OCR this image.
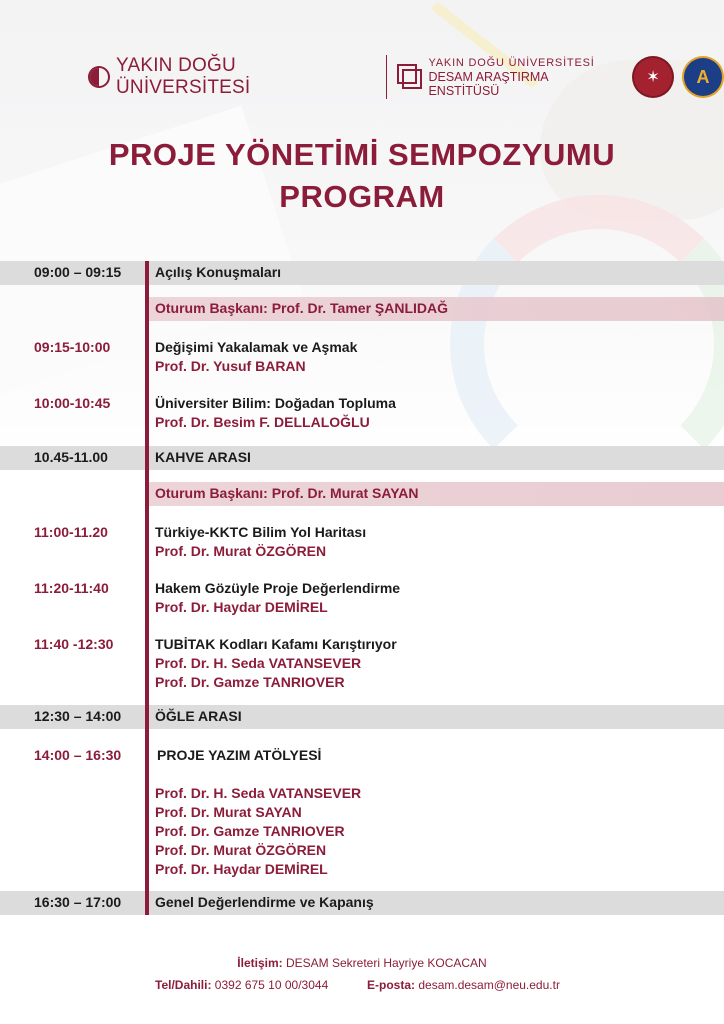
YAKIN DOĞU ÜNİVERSİTESİ
YAKIN DOĞU ÜNİVERSİTESİ
DESAM ARAŞTIRMA ENSTİTÜSÜ
✶ A
PROJE YÖNETİMİ SEMPOZYUMU
PROGRAM
09:00 – 09:15 Açılış Konuşmaları
Oturum Başkanı: Prof. Dr. Tamer ŞANLIDAĞ
09:15-10:00	Değişimi Yakalamak ve Aşmak
Prof. Dr. Yusuf BARAN
10:00-10:45	Üniversiter Bilim: Doğadan Topluma
Prof. Dr. Besim F. DELLALOĞLU
10.45-11.00	KAHVE ARASI
Oturum Başkanı: Prof. Dr. Murat SAYAN
11:00-11.20	Türkiye-KKTC Bilim Yol Haritası
Prof. Dr. Murat ÖZGÖREN
11:20-11:40	Hakem Gözüyle Proje Değerlendirme
Prof. Dr. Haydar DEMİREL
11:40 -12:30	TUBİTAK Kodları Kafamı Karıştırıyor
Prof. Dr. H. Seda VATANSEVER
Prof. Dr. Gamze TANRIOVER
12:30 – 14:00 ÖĞLE ARASI
14:00 – 16:30	PROJE YAZIM ATÖLYESİ
Prof. Dr. H. Seda VATANSEVER
Prof. Dr. Murat SAYAN
Prof. Dr. Gamze TANRIOVER
Prof. Dr. Murat ÖZGÖREN
Prof. Dr. Haydar DEMİREL
16:30 – 17:00 Genel Değerlendirme ve Kapanış
İletişim: DESAM Sekreteri Hayriye KOCACAN
Tel/Dahili: 0392 675 10 00/3044	E-posta: desam.desam@neu.edu.tr
